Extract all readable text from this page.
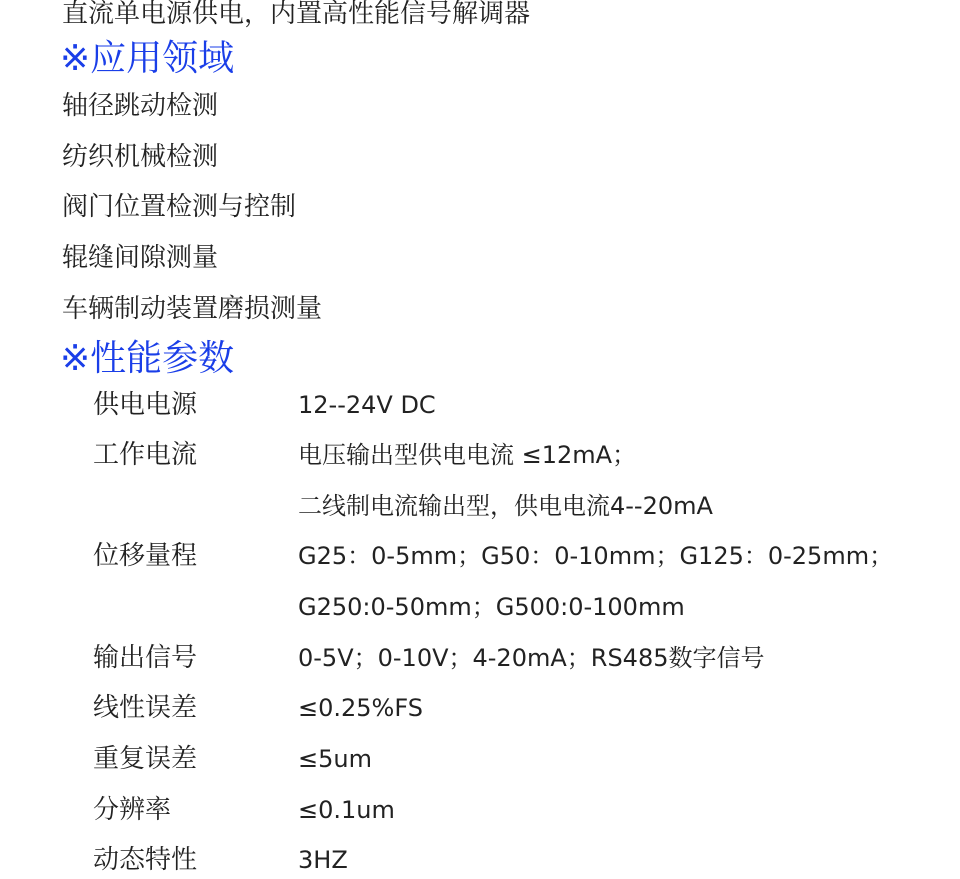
直流单电源供电，内置高性能信号解调器

※应用领域

轴径跳动检测

纺织机械检测

阀门位置检测与控制

辊缝间隙测量

车辆制动装置磨损测量

※性能参数
供电电源	12--24V DC
工作电流	电压输出型供电电流 ≤12mA；
二线制电流输出型，供电电流4--20mA
位移量程	G25：0-5mm；G50：0-10mm；G125：0-25mm；
G250:0-50mm；G500:0-100mm
输出信号	0-5V；0-10V；4-20mA；RS485数字信号
线性误差	≤0.25%FS
重复误差	≤5um
分辨率	≤0.1um
动态特性	3HZ
